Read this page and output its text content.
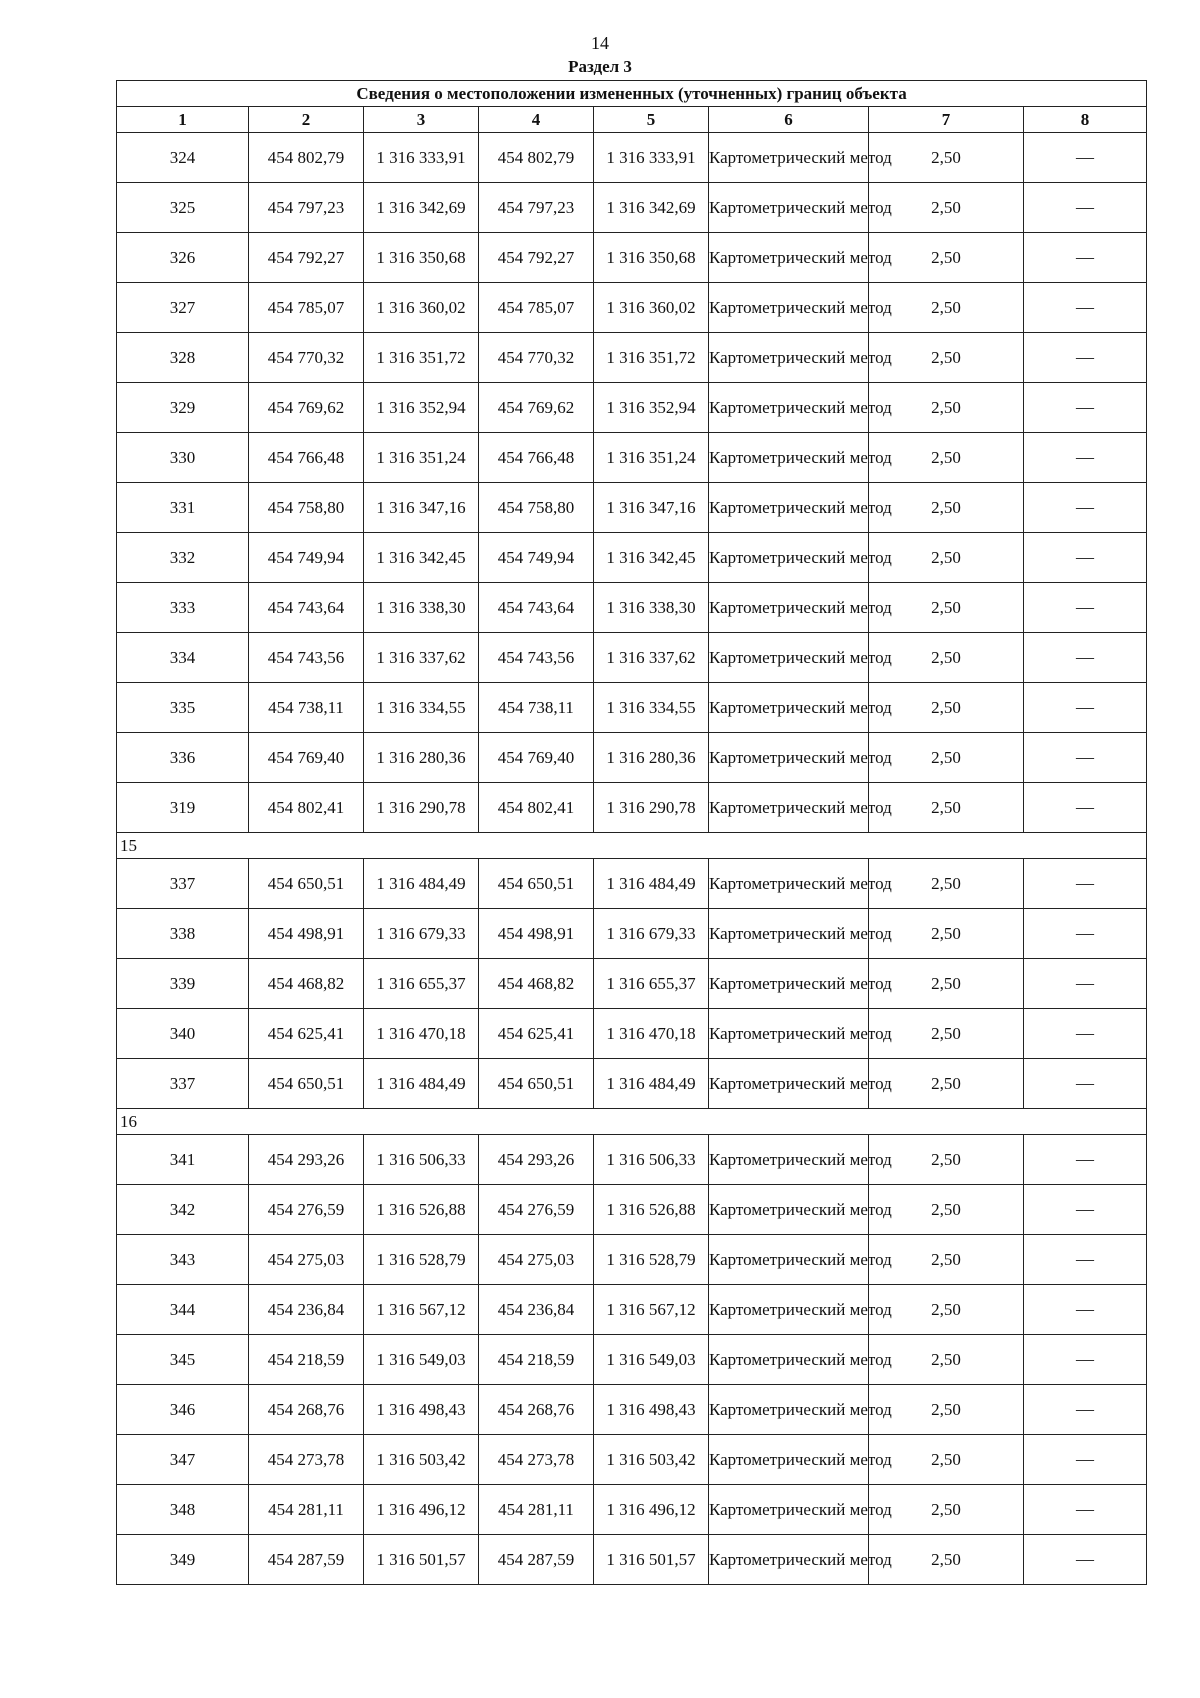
14
Раздел 3
Сведения о местоположении измененных (уточненных) границ объекта							
1	2	3	4	5	6	7	8
324	454 802,79	1 316 333,91	454 802,79	1 316 333,91	Картометрический метод	2,50	—
325	454 797,23	1 316 342,69	454 797,23	1 316 342,69	Картометрический метод	2,50	—
326	454 792,27	1 316 350,68	454 792,27	1 316 350,68	Картометрический метод	2,50	—
327	454 785,07	1 316 360,02	454 785,07	1 316 360,02	Картометрический метод	2,50	—
328	454 770,32	1 316 351,72	454 770,32	1 316 351,72	Картометрический метод	2,50	—
329	454 769,62	1 316 352,94	454 769,62	1 316 352,94	Картометрический метод	2,50	—
330	454 766,48	1 316 351,24	454 766,48	1 316 351,24	Картометрический метод	2,50	—
331	454 758,80	1 316 347,16	454 758,80	1 316 347,16	Картометрический метод	2,50	—
332	454 749,94	1 316 342,45	454 749,94	1 316 342,45	Картометрический метод	2,50	—
333	454 743,64	1 316 338,30	454 743,64	1 316 338,30	Картометрический метод	2,50	—
334	454 743,56	1 316 337,62	454 743,56	1 316 337,62	Картометрический метод	2,50	—
335	454 738,11	1 316 334,55	454 738,11	1 316 334,55	Картометрический метод	2,50	—
336	454 769,40	1 316 280,36	454 769,40	1 316 280,36	Картометрический метод	2,50	—
319	454 802,41	1 316 290,78	454 802,41	1 316 290,78	Картометрический метод	2,50	—
15							
337	454 650,51	1 316 484,49	454 650,51	1 316 484,49	Картометрический метод	2,50	—
338	454 498,91	1 316 679,33	454 498,91	1 316 679,33	Картометрический метод	2,50	—
339	454 468,82	1 316 655,37	454 468,82	1 316 655,37	Картометрический метод	2,50	—
340	454 625,41	1 316 470,18	454 625,41	1 316 470,18	Картометрический метод	2,50	—
337	454 650,51	1 316 484,49	454 650,51	1 316 484,49	Картометрический метод	2,50	—
16							
341	454 293,26	1 316 506,33	454 293,26	1 316 506,33	Картометрический метод	2,50	—
342	454 276,59	1 316 526,88	454 276,59	1 316 526,88	Картометрический метод	2,50	—
343	454 275,03	1 316 528,79	454 275,03	1 316 528,79	Картометрический метод	2,50	—
344	454 236,84	1 316 567,12	454 236,84	1 316 567,12	Картометрический метод	2,50	—
345	454 218,59	1 316 549,03	454 218,59	1 316 549,03	Картометрический метод	2,50	—
346	454 268,76	1 316 498,43	454 268,76	1 316 498,43	Картометрический метод	2,50	—
347	454 273,78	1 316 503,42	454 273,78	1 316 503,42	Картометрический метод	2,50	—
348	454 281,11	1 316 496,12	454 281,11	1 316 496,12	Картометрический метод	2,50	—
349	454 287,59	1 316 501,57	454 287,59	1 316 501,57	Картометрический метод	2,50	—
